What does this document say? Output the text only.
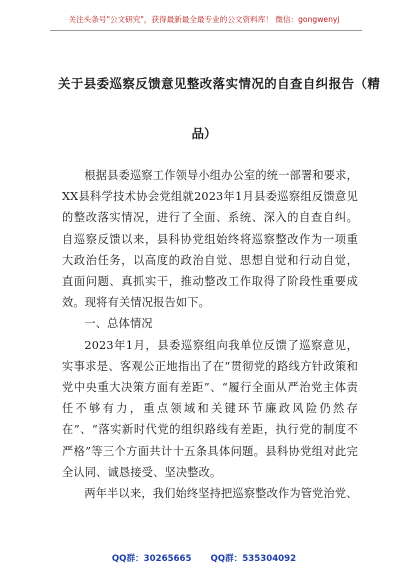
关注头条号"公文研究"，获得最新最全最专业的公文资料库！ 微信：gongwenyj
关于县委巡察反馈意见整改落实情况的自查自纠报告（精
品）

根据县委巡察工作领导小组办公室的统一部署和要求，XX县科学技术协会党组就2023年1月县委巡察组反馈意见的整改落实情况，进行了全面、系统、深入的自查自纠。自巡察反馈以来，县科协党组始终将巡察整改作为一项重大政治任务，以高度的政治自觉、思想自觉和行动自觉，直面问题、真抓实干，推动整改工作取得了阶段性重要成效。现将有关情况报告如下。

一、总体情况

2023年1月，县委巡察组向我单位反馈了巡察意见，实事求是、客观公正地指出了在“贯彻党的路线方针政策和党中央重大决策方面有差距”、“履行全面从严治党主体责任不够有力，重点领域和关键环节廉政风险仍然存在”、“落实新时代党的组织路线有差距，执行党的制度不严格”等三个方面共计十五条具体问题。县科协党组对此完全认同、诚恳接受、坚决整改。

两年半以来，我们始终坚持把巡察整改作为管党治党、

QQ群：30265665 QQ群：535304092
